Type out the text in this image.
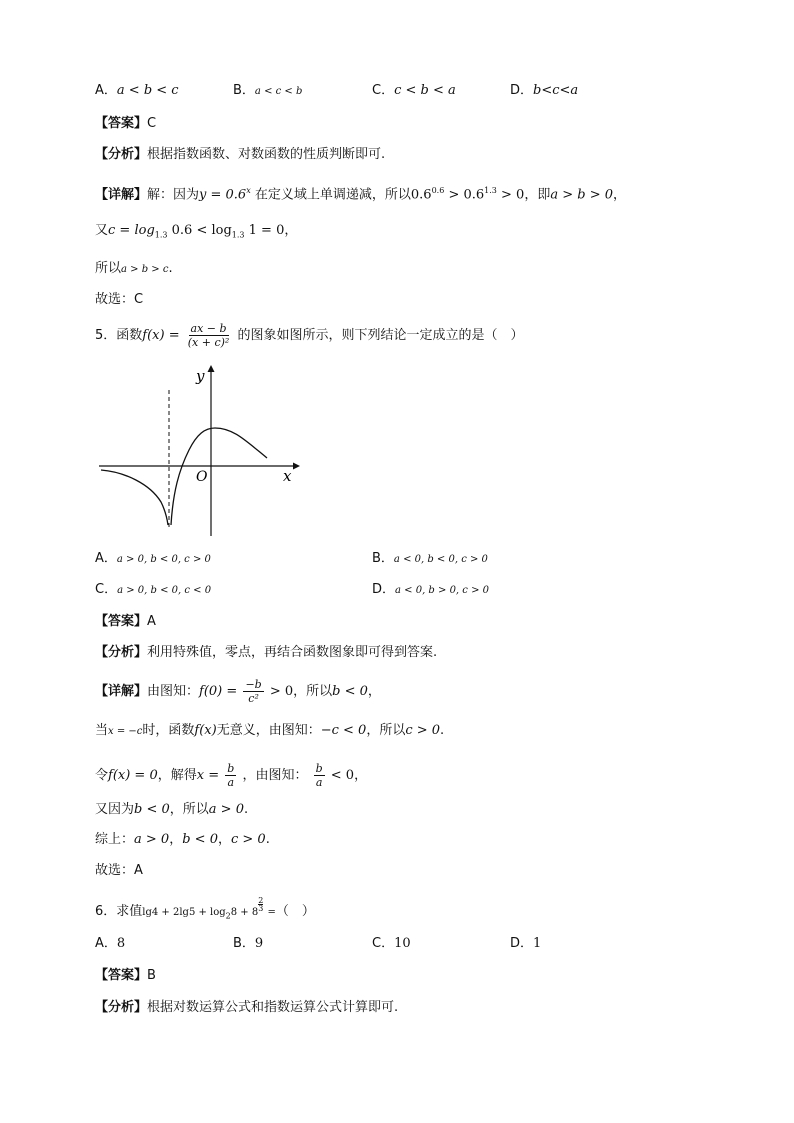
A．a < b < c	B．a < c < b	C．c < b < a	D．b<c<a
【答案】C
【分析】根据指数函数、对数函数的性质判断即可.
【详解】解：因为$y = 0.6^x$ 在定义域上单调递减，所以$0.6^{0.6} > 0.6^{1.3} > 0$，即a > b > 0，
又$c = \log_{1.3} 0.6 < \log_{1.3} 1 = 0$，
所以a > b > c.
故选：C
5．函数$f(x) = \frac{ax - b}{\text{(x + c)²}}$ 的图象如图所示，则下列结论一定成立的是（　）
y
x
O
A．a > 0, b < 0, c > 0	B．a < 0, b < 0, c > 0
C．a > 0, b < 0, c < 0	D．a < 0, b > 0, c > 0
【答案】A
【分析】利用特殊值，零点，再结合函数图象即可得到答案.
【详解】由图知：$f(0) = \frac{-b}{\text{c²}} > 0$，所以b < 0，
当x = −c时，函数f(x)无意义，由图知：−c < 0，所以c > 0.
令f(x) = 0，解得$x = \frac{b}{a}$ ，由图知： $\frac{b}{a} < 0$，
又因为b < 0，所以a > 0.
综上：a > 0，b < 0，c > 0.
故选：A
6．求值$\lg 4 + 2\lg 5 + \log_28 + 8$
$^{\frac{2}{3}}$
=（　）
A．8	B．9	C．10	D．1
【答案】B
【分析】根据对数运算公式和指数运算公式计算即可.
